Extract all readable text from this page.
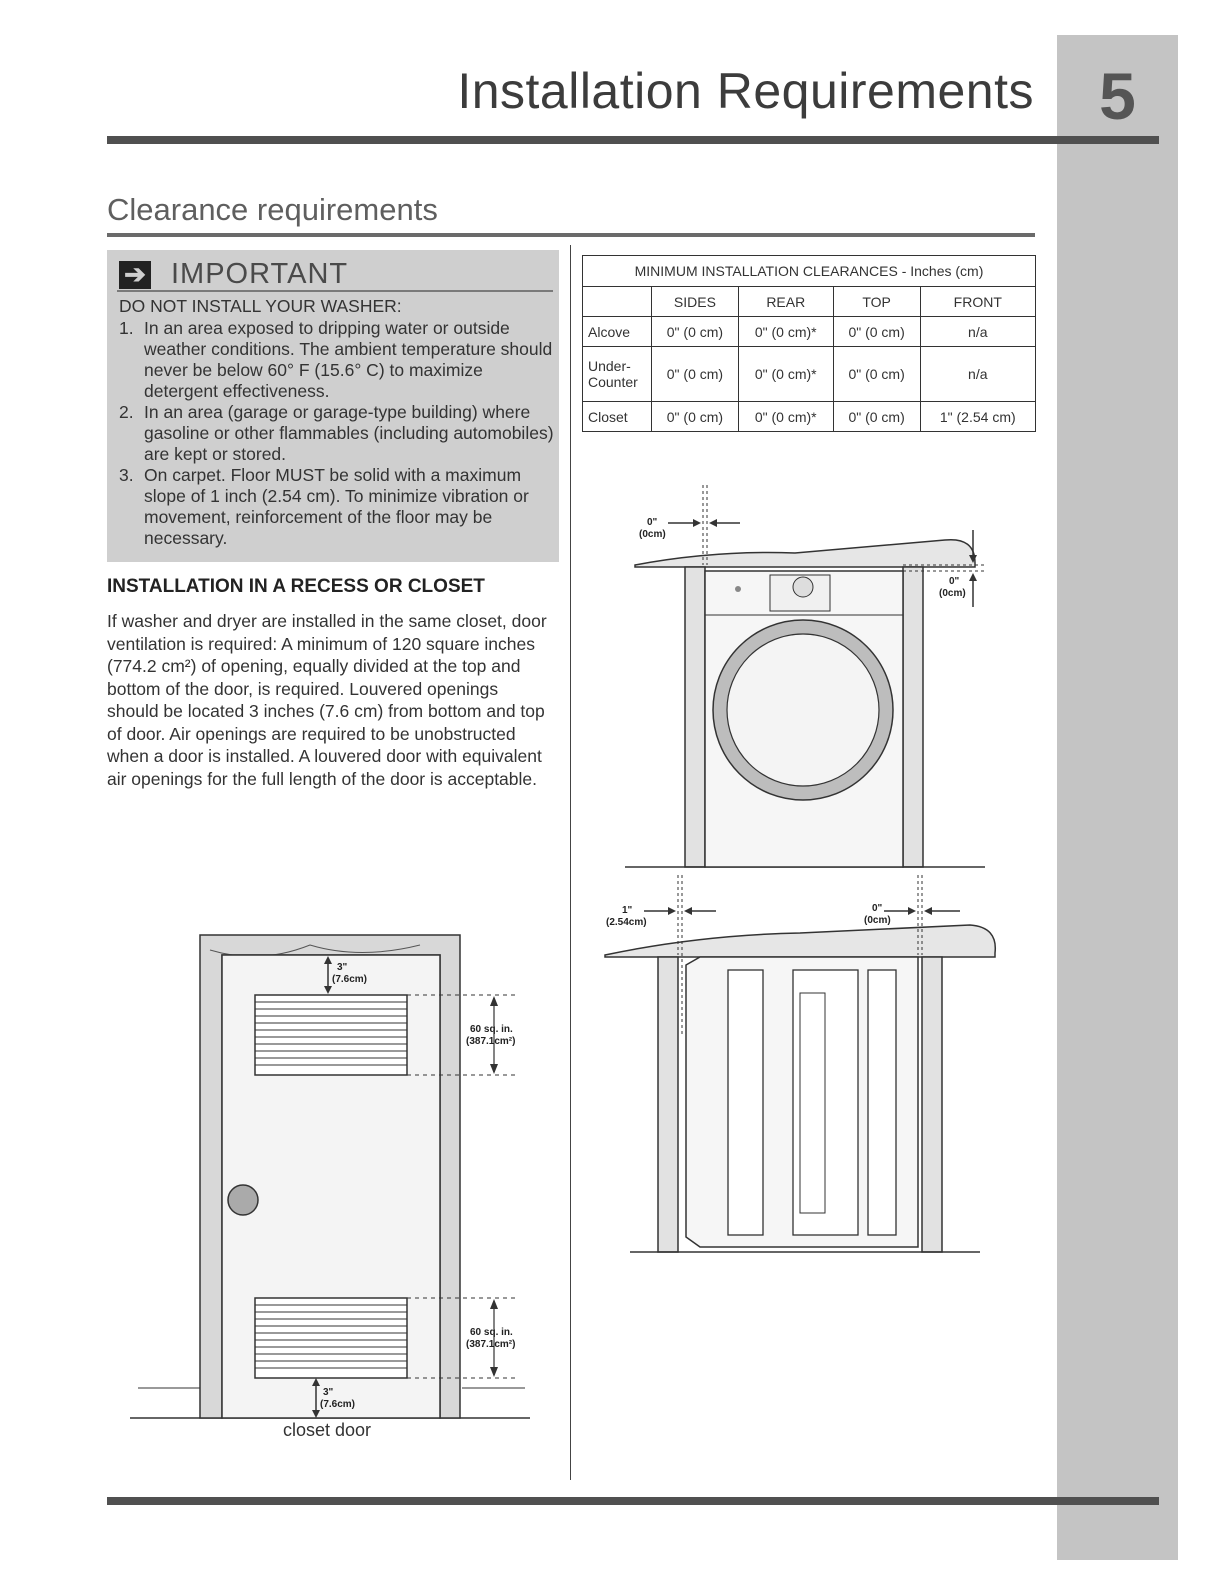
5
Installation Requirements
Clearance requirements
➔ IMPORTANT
DO NOT INSTALL YOUR WASHER:
1. In an area exposed to dripping water or outside weather conditions. The ambient temperature should never be below 60° F (15.6° C) to maximize detergent effectiveness.
2. In an area (garage or garage-type building) where gasoline or other flammables (including automobiles) are kept or stored.
3. On carpet. Floor MUST be solid with a maximum slope of 1 inch (2.54 cm). To minimize vibration or movement, reinforcement of the floor may be necessary.
INSTALLATION IN A RECESS OR CLOSET
If washer and dryer are installed in the same closet, door ventilation is required: A minimum of 120 square inches (774.2 cm²) of opening, equally divided at the top and bottom of the door, is required. Louvered openings should be located 3 inches (7.6 cm) from bottom and top of door. Air openings are required to be unobstructed when a door is installed. A louvered door with equivalent air openings for the full length of the door is acceptable.
MINIMUM INSTALLATION CLEARANCES - Inches (cm)				
	SIDES	REAR	TOP	FRONT
Alcove	0" (0 cm)	0" (0 cm)*	0" (0 cm)	n/a
Under-Counter	0" (0 cm)	0" (0 cm)*	0" (0 cm)	n/a
Closet	0" (0 cm)	0" (0 cm)*	0" (0 cm)	1" (2.54 cm)
3"
(7.6cm)
60 sq. in.
(387.1cm²)
60 sq. in.
(387.1cm²)
3"
(7.6cm)
closet door
0"
(0cm)
0"
(0cm)
1"
(2.54cm)
0"
(0cm)
